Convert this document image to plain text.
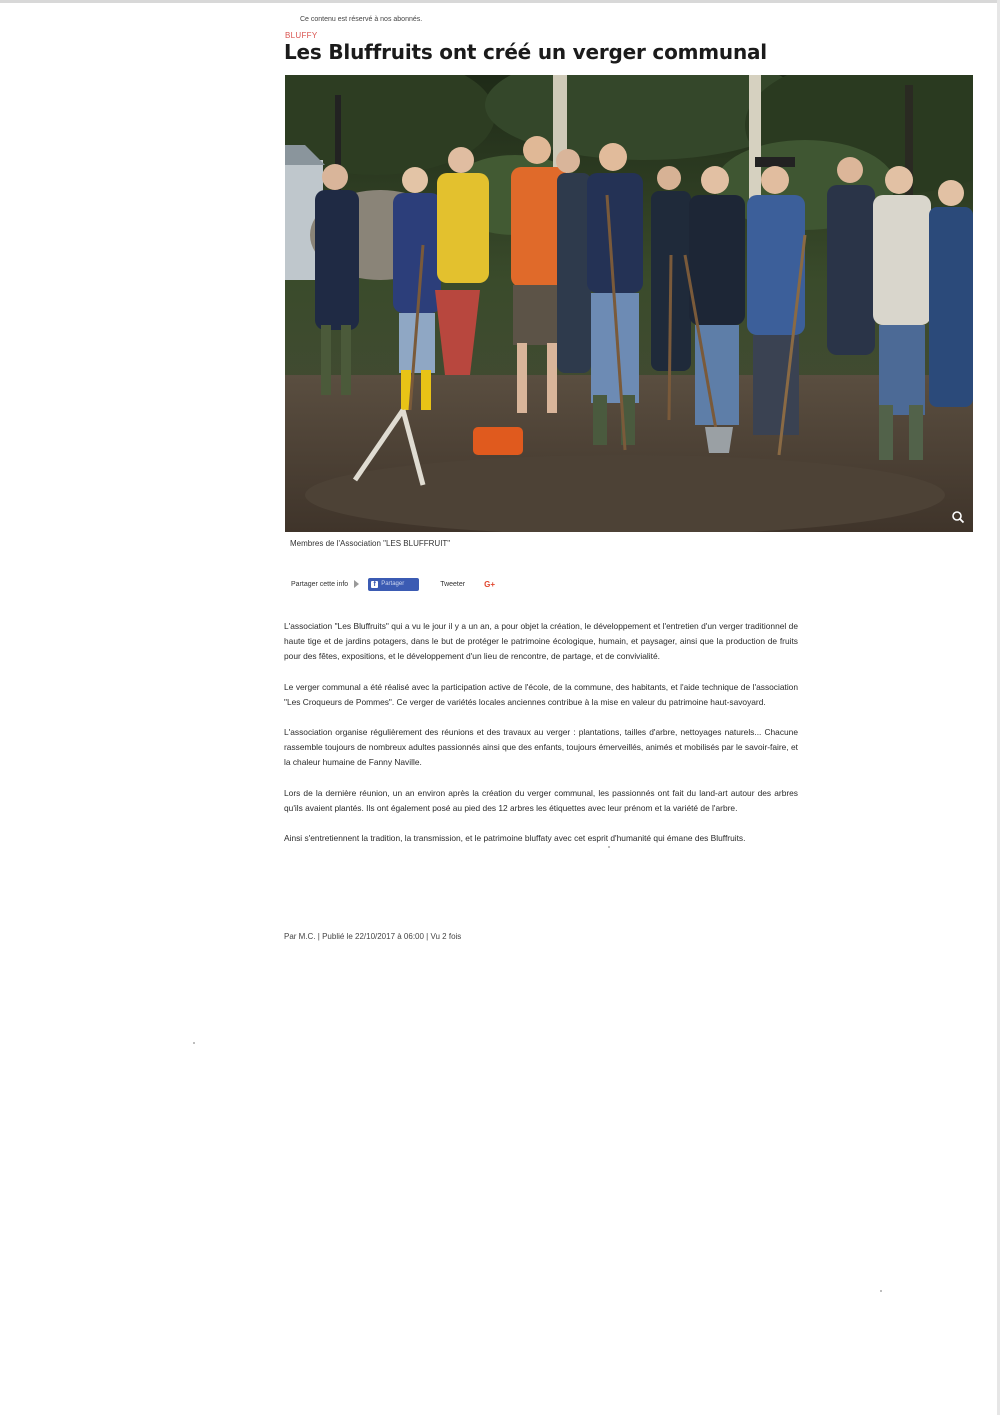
Ce contenu est réservé à nos abonnés.
BLUFFY
Les Bluffruits ont créé un verger communal
Membres de l'Association "LES BLUFFRUIT"
Partager cette info	f Partager	Tweeter G+

L'association "Les Bluffruits" qui a vu le jour il y a un an, a pour objet la création, le développement et l'entretien d'un verger traditionnel de haute tige et de jardins potagers, dans le but de protéger le patrimoine écologique, humain, et paysager, ainsi que la production de fruits pour des fêtes, expositions, et le développement d'un lieu de rencontre, de partage, et de convivialité.

Le verger communal a été réalisé avec la participation active de l'école, de la commune, des habitants, et l'aide technique de l'association "Les Croqueurs de Pommes". Ce verger de variétés locales anciennes contribue à la mise en valeur du patrimoine haut-savoyard.

L'association organise régulièrement des réunions et des travaux au verger : plantations, tailles d'arbre, nettoyages naturels... Chacune rassemble toujours de nombreux adultes passionnés ainsi que des enfants, toujours émerveillés, animés et mobilisés par le savoir-faire, et la chaleur humaine de Fanny Naville.

Lors de la dernière réunion, un an environ après la création du verger communal, les passionnés ont fait du land-art autour des arbres qu'ils avaient plantés. Ils ont également posé au pied des 12 arbres les étiquettes avec leur prénom et la variété de l'arbre.

Ainsi s'entretiennent la tradition, la transmission, et le patrimoine bluffaty avec cet esprit d'humanité qui émane des Bluffruits.

Par M.C. | Publié le 22/10/2017 à 06:00 | Vu 2 fois
